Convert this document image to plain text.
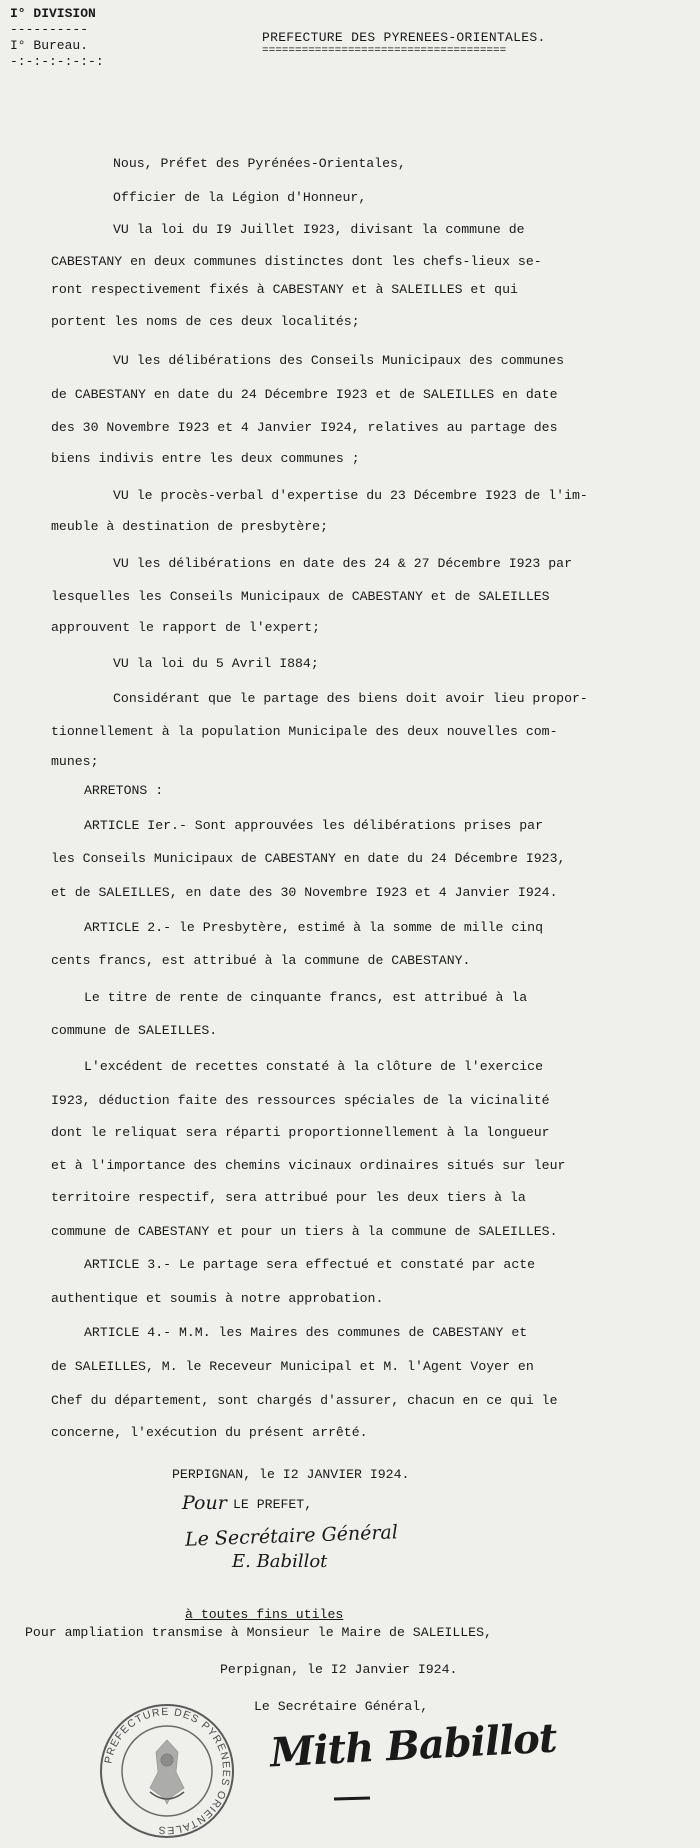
I° DIVISION
----------
I° Bureau.
-:-:-:-:-:-:
PREFECTURE DES PYRENEES-ORIENTALES.
=====================================
Nous, Préfet des Pyrénées-Orientales,
Officier de la Légion d'Honneur,
VU la loi du I9 Juillet I923, divisant la commune de
CABESTANY en deux communes distinctes dont les chefs-lieux se-
ront respectivement fixés à CABESTANY et à SALEILLES et qui
portent les noms de ces deux localités;
VU les délibérations des Conseils Municipaux des communes
de CABESTANY en date du 24 Décembre I923 et de SALEILLES en date
des 30 Novembre I923 et 4 Janvier I924, relatives au partage des
biens indivis entre les deux communes ;
VU le procès-verbal d'expertise du 23 Décembre I923 de l'im-
meuble à destination de presbytère;
VU les délibérations en date des 24 & 27 Décembre I923 par
lesquelles les Conseils Municipaux de CABESTANY et de SALEILLES
approuvent le rapport de l'expert;
VU la loi du 5 Avril I884;
Considérant que le partage des biens doit avoir lieu propor-
tionnellement à la population Municipale des deux nouvelles com-
munes;
ARRETONS :
ARTICLE Ier.- Sont approuvées les délibérations prises par
les Conseils Municipaux de CABESTANY en date du 24 Décembre I923,
et de SALEILLES, en date des 30 Novembre I923 et 4 Janvier I924.
ARTICLE 2.- le Presbytère, estimé à la somme de mille cinq
cents francs, est attribué à la commune de CABESTANY.
Le titre de rente de cinquante francs, est attribué à la
commune de SALEILLES.
L'excédent de recettes constaté à la clôture de l'exercice
I923, déduction faite des ressources spéciales de la vicinalité
dont le reliquat sera réparti proportionnellement à la longueur
et à l'importance des chemins vicinaux ordinaires situés sur leur
territoire respectif, sera attribué pour les deux tiers à la
commune de CABESTANY et pour un tiers à la commune de SALEILLES.
ARTICLE 3.- Le partage sera effectué et constaté par acte
authentique et soumis à notre approbation.
ARTICLE 4.- M.M. les Maires des communes de CABESTANY et
de SALEILLES, M. le Receveur Municipal et M. l'Agent Voyer en
Chef du département, sont chargés d'assurer, chacun en ce qui le
concerne, l'exécution du présent arrêté.
PERPIGNAN, le I2 JANVIER I924.
Pour LE PREFET,
Le Secrétaire Général
E. Babillot
à toutes fins utiles
Pour ampliation transmise à Monsieur le Maire de SALEILLES,
Perpignan, le I2 Janvier I924.
Le Secrétaire Général,
PREFECTURE DES PYRENEES ORIENTALES
Mith Babillot
